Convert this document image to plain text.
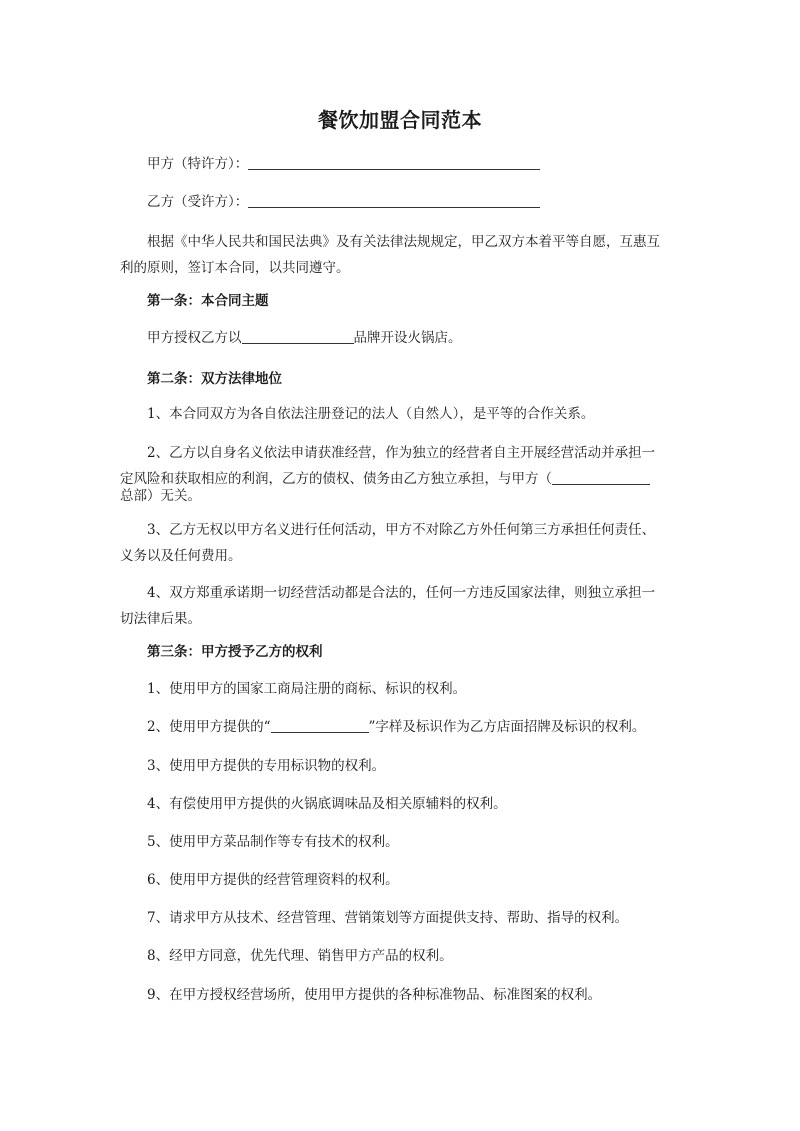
餐饮加盟合同范本
甲方（特许方）：
乙方（受许方）：
根据《中华人民共和国民法典》及有关法律法规规定，甲乙双方本着平等自愿，互惠互
利的原则，签订本合同，以共同遵守。
第一条：本合同主题
甲方授权乙方以	品牌开设火锅店。
第二条：双方法律地位
1、本合同双方为各自依法注册登记的法人（自然人），是平等的合作关系。
2、乙方以自身名义依法申请获准经营，作为独立的经营者自主开展经营活动并承担一
定风险和获取相应的利润，乙方的债权、债务由乙方独立承担，与甲方（
总部）无关。
3、乙方无权以甲方名义进行任何活动，甲方不对除乙方外任何第三方承担任何责任、
义务以及任何费用。
4、双方郑重承诺期一切经营活动都是合法的，任何一方违反国家法律，则独立承担一
切法律后果。
第三条：甲方授予乙方的权利
1、使用甲方的国家工商局注册的商标、标识的权利。
2、使用甲方提供的“	”字样及标识作为乙方店面招牌及标识的权利。
3、使用甲方提供的专用标识物的权利。
4、有偿使用甲方提供的火锅底调味品及相关原辅料的权利。
5、使用甲方菜品制作等专有技术的权利。
6、使用甲方提供的经营管理资料的权利。
7、请求甲方从技术、经营管理、营销策划等方面提供支持、帮助、指导的权利。
8、经甲方同意，优先代理、销售甲方产品的权利。
9、在甲方授权经营场所，使用甲方提供的各种标准物品、标准图案的权利。
